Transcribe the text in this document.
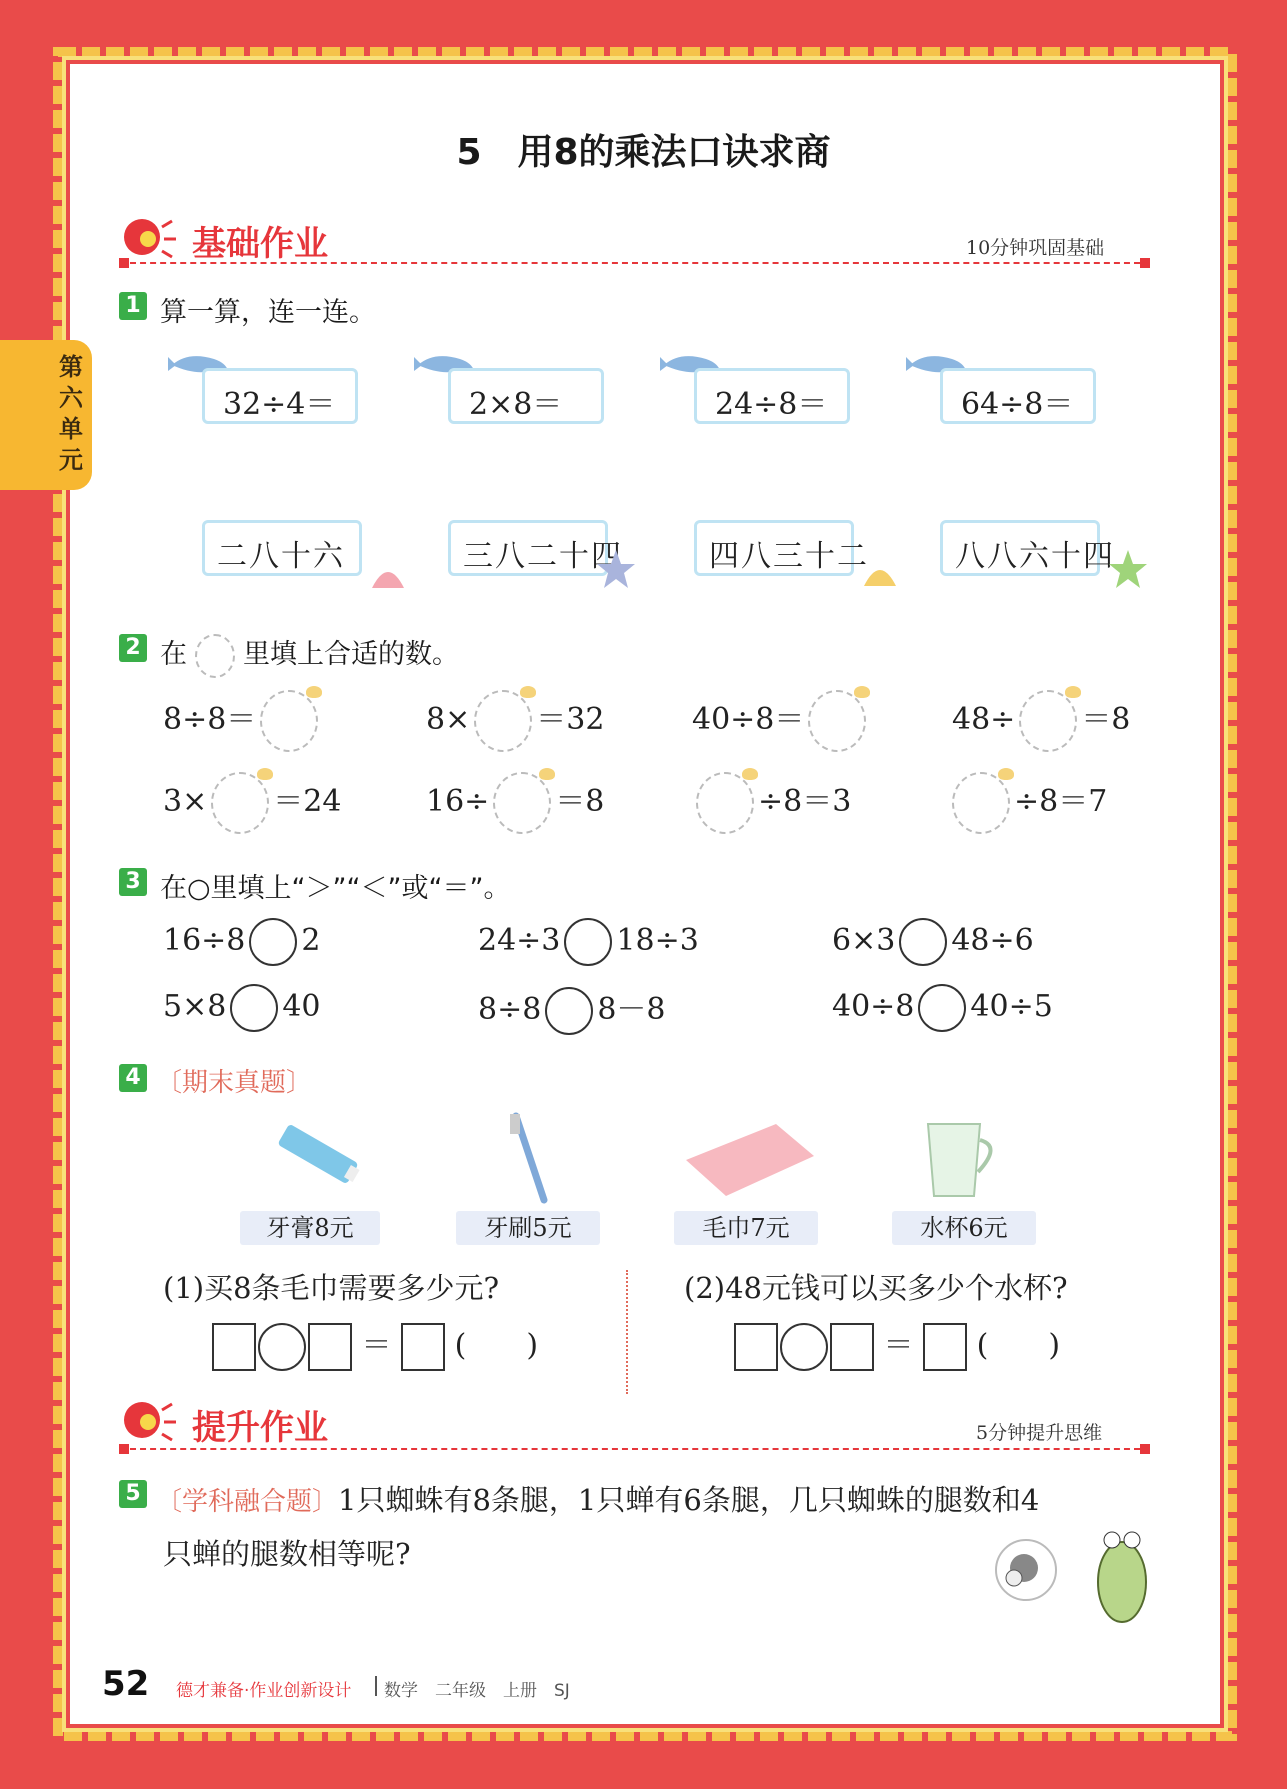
第六单元
5　用8的乘法口诀求商
基础作业	10分钟巩固基础
1 算一算，连一连。
32÷4＝	2×8＝	24÷8＝	64÷8＝
二八十六	三八二十四	四八三十二	八八六十四
2 在 里填上合适的数。
8÷8＝	8× ＝32	40÷8＝	48÷ ＝8
3× ＝24	16÷ ＝8	÷8＝3	÷8＝7
3 在○里填上“＞”“＜”或“＝”。
16÷8 2	24÷3 18÷3	6×3 48÷6
5×8 40	8÷8 8－8	40÷8 40÷5
4 〔期末真题〕
牙膏8元	牙刷5元	毛巾7元	水杯6元
(1)买8条毛巾需要多少元?	(2)48元钱可以买多少个水杯?
＝ (　　)	＝ (　　)
提升作业	5分钟提升思维
5 〔学科融合题〕1只蜘蛛有8条腿，1只蝉有6条腿，几只蜘蛛的腿数和4
只蝉的腿数相等呢?
52 德才兼备·作业创新设计 数学　二年级　上册　SJ
